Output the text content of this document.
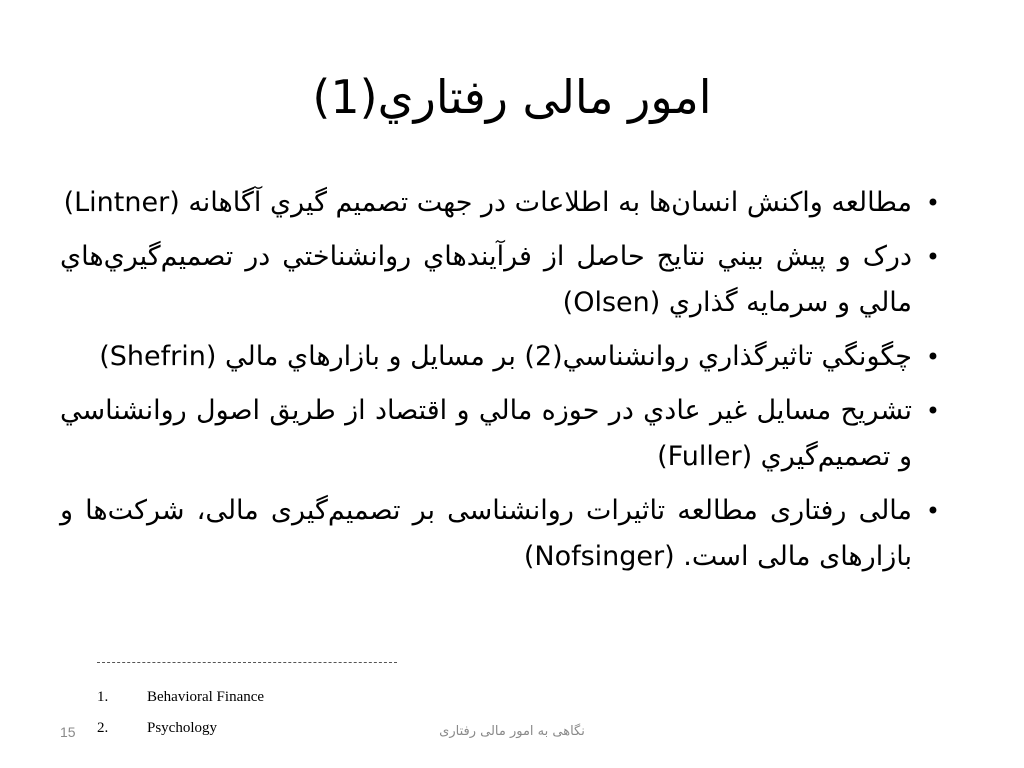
امور مالی رفتاري(1)
• مطالعه واكنش انسان‌ها به اطلاعات در جهت تصميم گيري آگاهانه (Lintner)
• درک و پيش بيني نتايج حاصل از فرآيندهاي روانشناختي در تصميم‌گيري‌هاي مالي و سرمايه گذاري (Olsen)
• چگونگي تاثيرگذاري روانشناسي(2) بر مسايل و بازارهاي مالي (Shefrin)
• تشريح مسايل غير عادي در حوزه مالي و اقتصاد از طريق اصول روانشناسي و تصميم‌گيري (Fuller)
• مالی رفتاری مطالعه تاثيرات روانشناسی بر تصميم‌گيری مالی، شرکت‌ها و بازارهای مالی است. (Nofsinger)
1.	Behavioral Finance
2.	Psychology
15	نگاهی به امور مالی رفتاری
